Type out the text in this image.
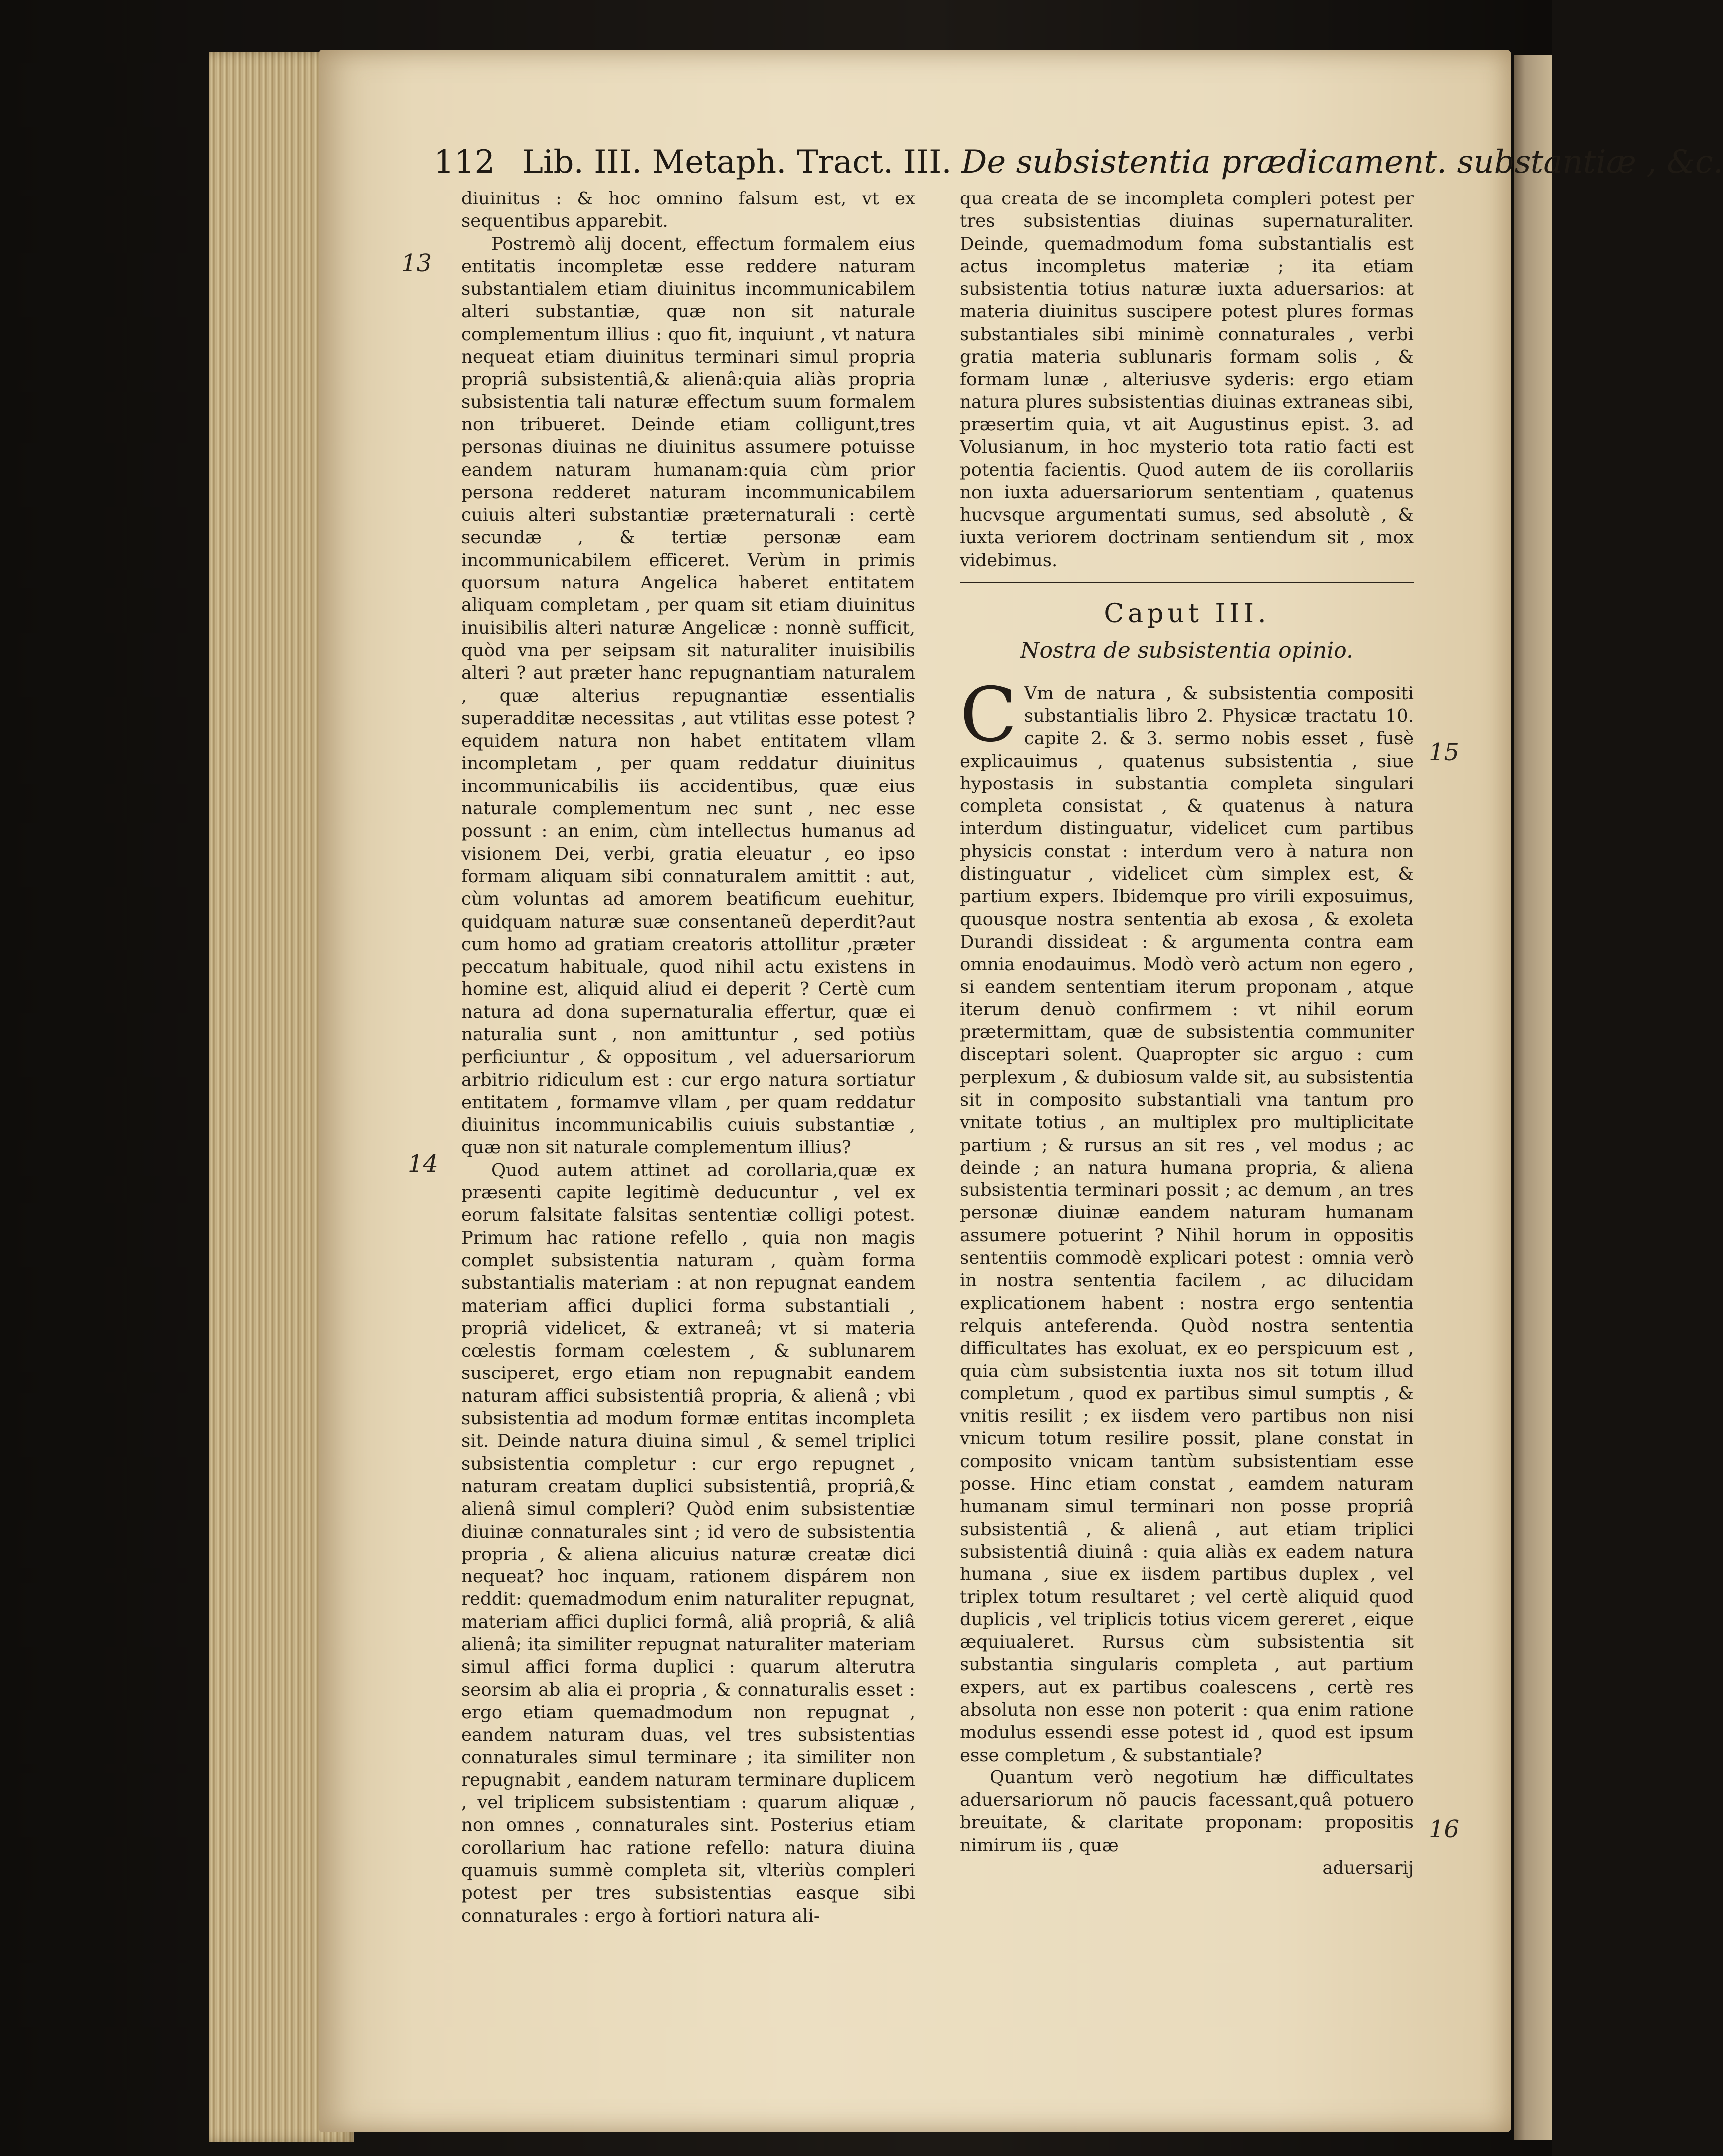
112 Lib. III. Metaph. Tract. III. De subsistentia prædicament. substantiæ , &c.
13
14
15
16

diuinitus : & hoc omnino falsum est, vt ex sequentibus apparebit.

Postremò alij docent, effectum formalem eius entitatis incompletæ esse reddere naturam substantialem etiam diuinitus incommunicabilem alteri substantiæ, quæ non sit naturale complementum illius : quo fit, inquiunt , vt natura nequeat etiam diuinitus terminari simul propria propriâ subsistentiâ,& alienâ:quia aliàs propria subsistentia tali naturæ effectum suum formalem non tribueret. Deinde etiam colligunt,tres personas diuinas ne diuinitus assumere potuisse eandem naturam humanam:quia cùm prior persona redderet naturam incommunicabilem cuiuis alteri substantiæ præternaturali : certè secundæ , & tertiæ personæ eam incommunicabilem efficeret. Verùm in primis quorsum natura Angelica haberet entitatem aliquam completam , per quam sit etiam diuinitus inuisibilis alteri naturæ Angelicæ : nonnè sufficit, quòd vna per seipsam sit naturaliter inuisibilis alteri ? aut præter hanc repugnantiam naturalem , quæ alterius repugnantiæ essentialis superadditæ necessitas , aut vtilitas esse potest ? equidem natura non habet entitatem vllam incompletam , per quam reddatur diuinitus incommunicabilis iis accidentibus, quæ eius naturale complementum nec sunt , nec esse possunt : an enim, cùm intellectus humanus ad visionem Dei, verbi, gratia eleuatur , eo ipso formam aliquam sibi connaturalem amittit : aut, cùm voluntas ad amorem beatificum euehitur, quidquam naturæ suæ consentaneũ deperdit?aut cum homo ad gratiam creatoris attollitur ,præter peccatum habituale, quod nihil actu existens in homine est, aliquid aliud ei deperit ? Certè cum natura ad dona supernaturalia effertur, quæ ei naturalia sunt , non amittuntur , sed potiùs perficiuntur , & oppositum , vel aduersariorum arbitrio ridiculum est : cur ergo natura sortiatur entitatem , formamve vllam , per quam reddatur diuinitus incommunicabilis cuiuis substantiæ , quæ non sit naturale complementum illius?

Quod autem attinet ad corollaria,quæ ex præsenti capite legitimè deducuntur , vel ex eorum falsitate falsitas sententiæ colligi potest. Primum hac ratione refello , quia non magis complet subsistentia naturam , quàm forma substantialis materiam : at non repugnat eandem materiam affici duplici forma substantiali , propriâ videlicet, & extraneâ; vt si materia cœlestis formam cœlestem , & sublunarem susciperet, ergo etiam non repugnabit eandem naturam affici subsistentiâ propria, & alienâ ; vbi subsistentia ad modum formæ entitas incompleta sit. Deinde natura diuina simul , & semel triplici subsistentia completur : cur ergo repugnet , naturam creatam duplici subsistentiâ, propriâ,& alienâ simul compleri? Quòd enim subsistentiæ diuinæ connaturales sint ; id vero de subsistentia propria , & aliena alicuius naturæ creatæ dici nequeat? hoc inquam, rationem dispárem non reddit: quemadmodum enim naturaliter repugnat, materiam affici duplici formâ, aliâ propriâ, & aliâ alienâ; ita similiter repugnat naturaliter materiam simul affici forma duplici : quarum alterutra seorsim ab alia ei propria , & connaturalis esset : ergo etiam quemadmodum non repugnat , eandem naturam duas, vel tres subsistentias connaturales simul terminare ; ita similiter non repugnabit , eandem naturam terminare duplicem , vel triplicem subsistentiam : quarum aliquæ , non omnes , connaturales sint. Posterius etiam corollarium hac ratione refello: natura diuina quamuis summè completa sit, vlteriùs compleri potest per tres subsistentias easque sibi connaturales : ergo à fortiori natura ali-

qua creata de se incompleta compleri potest per tres subsistentias diuinas supernaturaliter. Deinde, quemadmodum foma substantialis est actus incompletus materiæ ; ita etiam subsistentia totius naturæ iuxta aduersarios: at materia diuinitus suscipere potest plures formas substantiales sibi minimè connaturales , verbi gratia materia sublunaris formam solis , & formam lunæ , alteriusve syderis: ergo etiam natura plures subsistentias diuinas extraneas sibi, præsertim quia, vt ait Augustinus epist. 3. ad Volusianum, in hoc mysterio tota ratio facti est potentia facientis. Quod autem de iis corollariis non iuxta aduersariorum sententiam , quatenus hucvsque argumentati sumus, sed absolutè , & iuxta veriorem doctrinam sentiendum sit , mox videbimus.

Caput III.
Nostra de subsistentia opinio.

C Vm de natura , & subsistentia compositi substantialis libro 2. Physicæ tractatu 10. capite 2. & 3. sermo nobis esset , fusè explicauimus , quatenus subsistentia , siue hypostasis in substantia completa singulari completa consistat , & quatenus à natura interdum distinguatur, videlicet cum partibus physicis constat : interdum vero à natura non distinguatur , videlicet cùm simplex est, & partium expers. Ibidemque pro virili exposuimus, quousque nostra sententia ab exosa , & exoleta Durandi dissideat : & argumenta contra eam omnia enodauimus. Modò verò actum non egero , si eandem sententiam iterum proponam , atque iterum denuò confirmem : vt nihil eorum prætermittam, quæ de subsistentia communiter disceptari solent. Quapropter sic arguo : cum perplexum , & dubiosum valde sit, au subsistentia sit in composito substantiali vna tantum pro vnitate totius , an multiplex pro multiplicitate partium ; & rursus an sit res , vel modus ; ac deinde ; an natura humana propria, & aliena subsistentia terminari possit ; ac demum , an tres personæ diuinæ eandem naturam humanam assumere potuerint ? Nihil horum in oppositis sententiis commodè explicari potest : omnia verò in nostra sententia facilem , ac dilucidam explicationem habent : nostra ergo sententia relquis anteferenda. Quòd nostra sententia difficultates has exoluat, ex eo perspicuum est , quia cùm subsistentia iuxta nos sit totum illud completum , quod ex partibus simul sumptis , & vnitis resilit ; ex iisdem vero partibus non nisi vnicum totum resilire possit, plane constat in composito vnicam tantùm subsistentiam esse posse. Hinc etiam constat , eamdem naturam humanam simul terminari non posse propriâ subsistentiâ , & alienâ , aut etiam triplici subsistentiâ diuinâ : quia aliàs ex eadem natura humana , siue ex iisdem partibus duplex , vel triplex totum resultaret ; vel certè aliquid quod duplicis , vel triplicis totius vicem gereret , eique æquiualeret. Rursus cùm subsistentia sit substantia singularis completa , aut partium expers, aut ex partibus coalescens , certè res absoluta non esse non poterit : qua enim ratione modulus essendi esse potest id , quod est ipsum esse completum , & substantiale?

Quantum verò negotium hæ difficultates aduersariorum nõ paucis facessant,quâ potuero breuitate, & claritate proponam: propositis nimirum iis , quæ

aduersarij
